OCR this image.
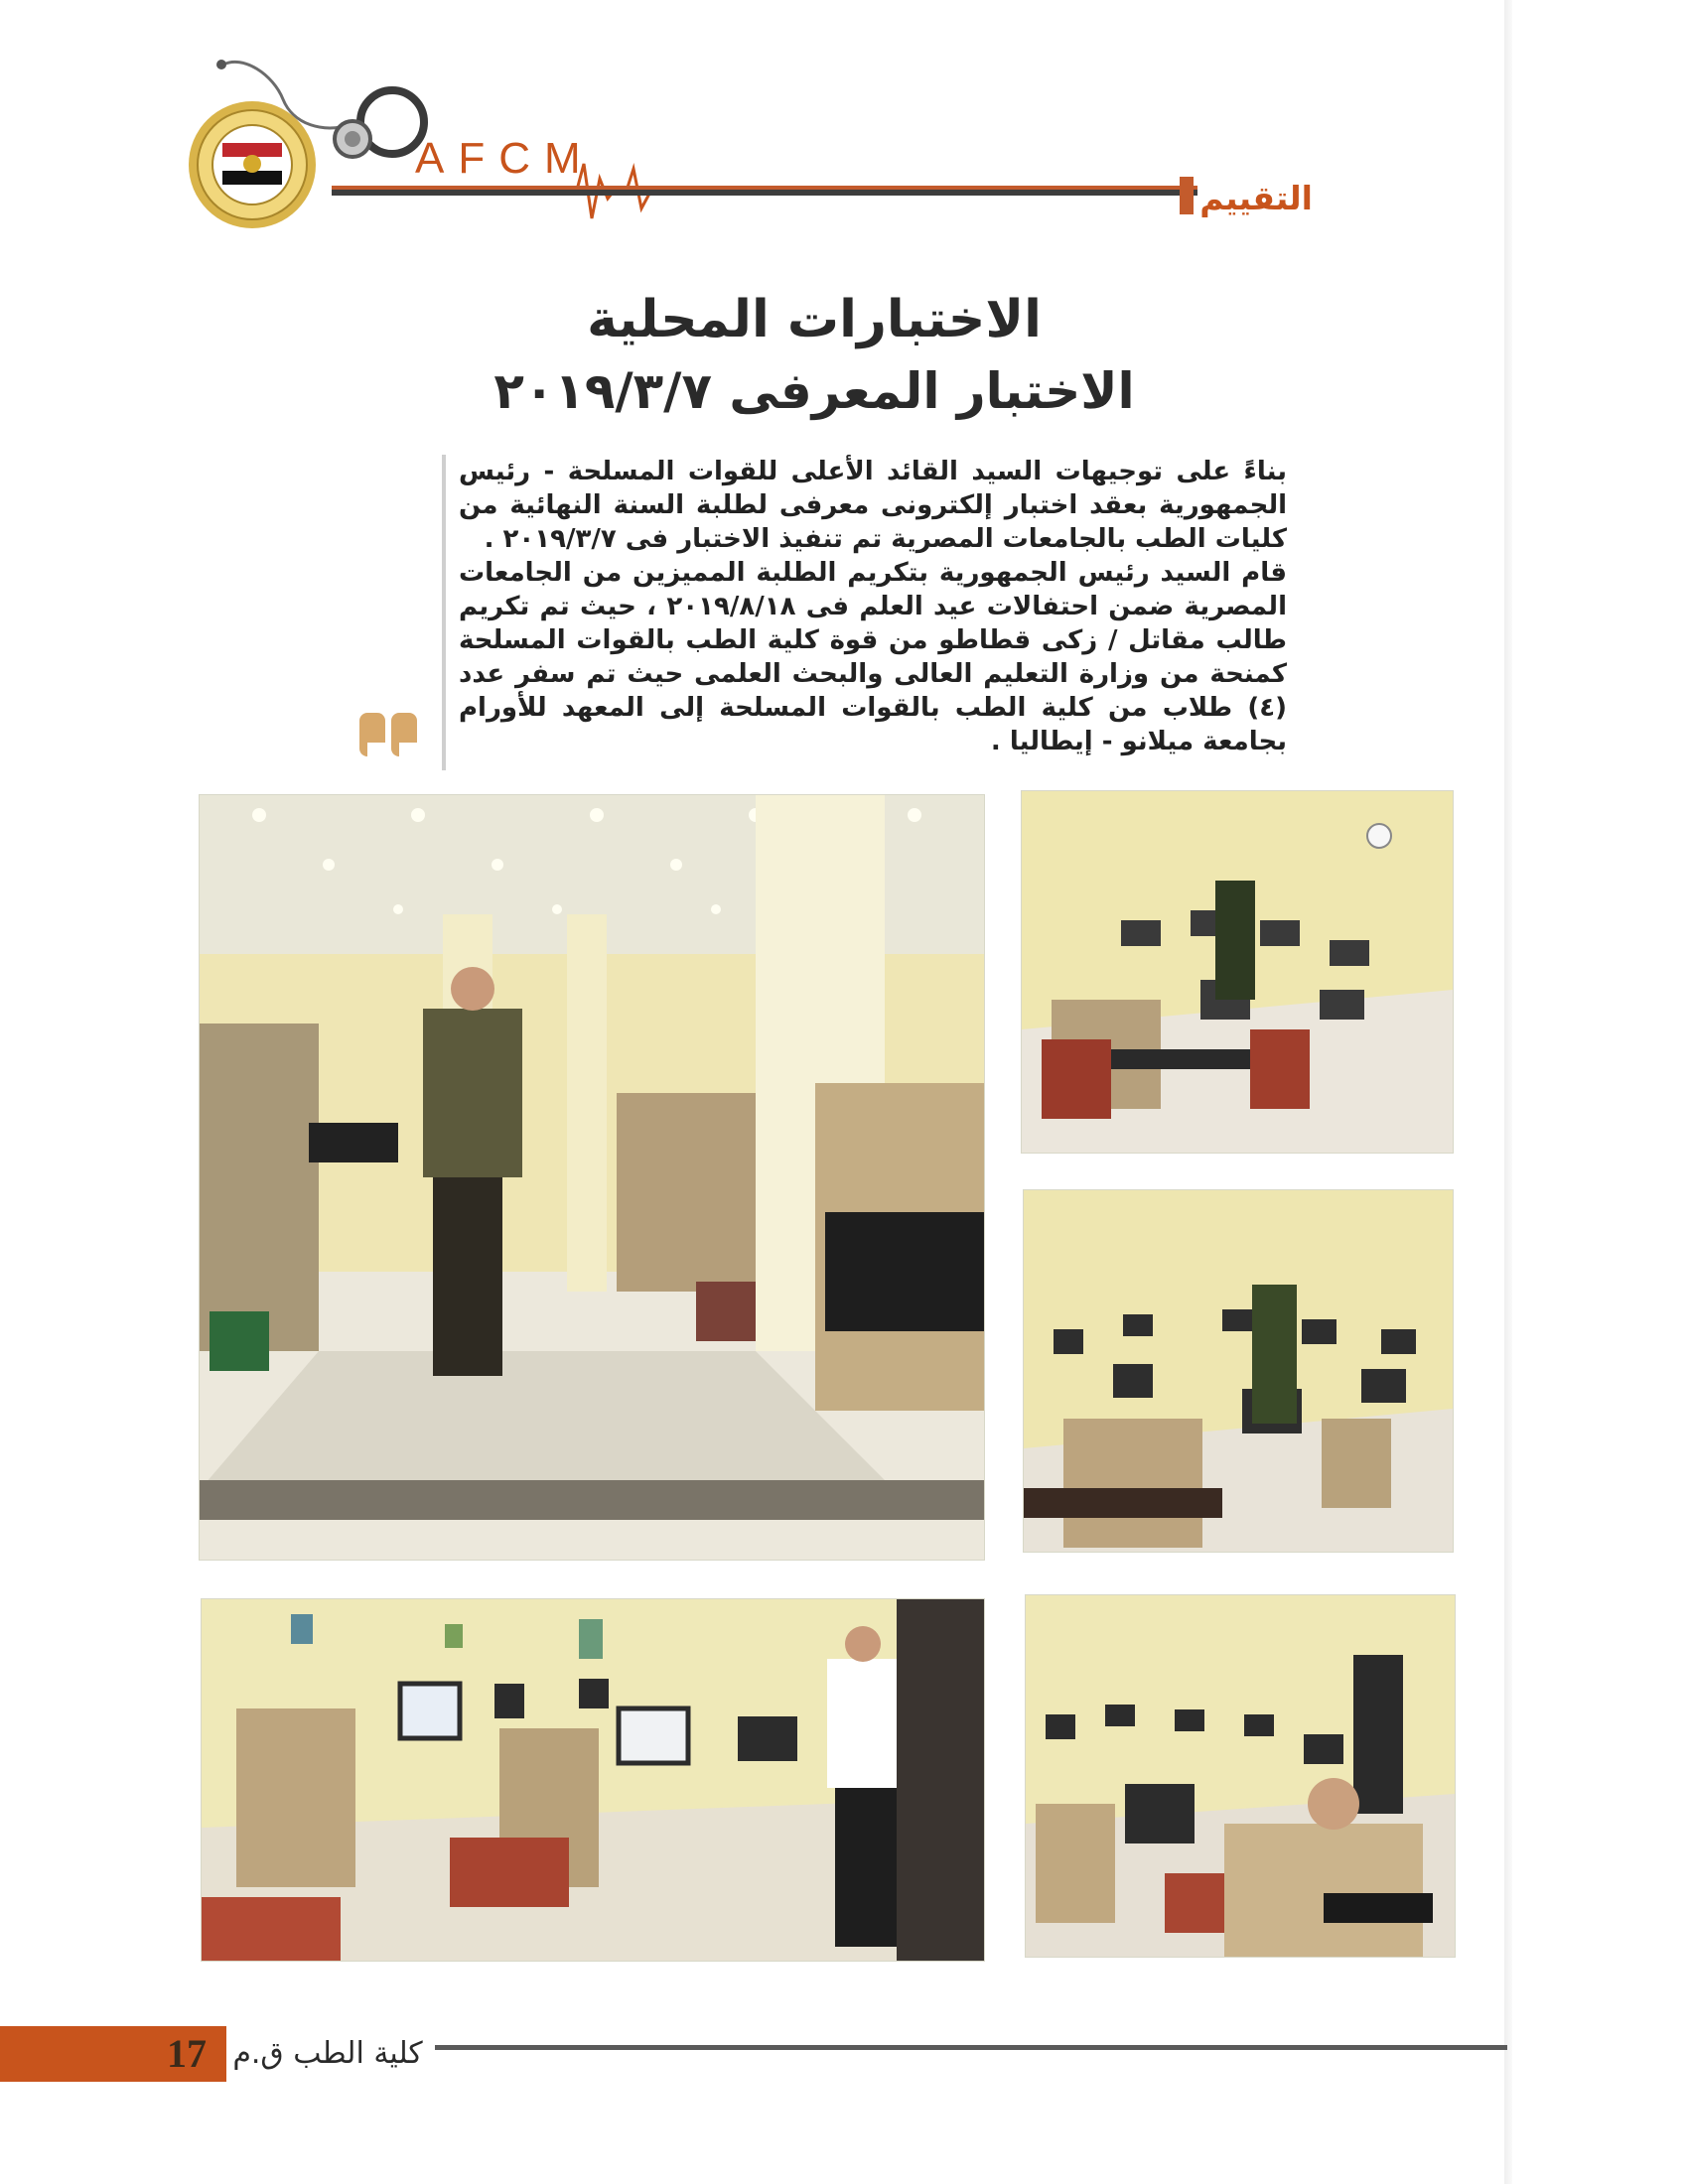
AFCM
التقييم
الاختبارات المحلية
الاختبار المعرفى ٢٠١٩/٣/٧

بناءً على توجيهات السيد القائد الأعلى للقوات المسلحة - رئيس الجمهورية بعقد اختبار إلكترونى معرفى لطلبة السنة النهائية من كليات الطب بالجامعات المصرية تم تنفيذ الاختبار فى ٢٠١٩/٣/٧ .

قام السيد رئيس الجمهورية بتكريم الطلبة المميزين من الجامعات المصرية ضمن احتفالات عيد العلم فى ٢٠١٩/٨/١٨ ، حيث تم تكريم طالب مقاتل / زكى قطاطو من قوة كلية الطب بالقوات المسلحة كمنحة من وزارة التعليم العالى والبحث العلمى حيث تم سفر عدد (٤) طلاب من كلية الطب بالقوات المسلحة إلى المعهد للأورام بجامعة ميلانو - إيطاليا .

17 كلية الطب ق.م
